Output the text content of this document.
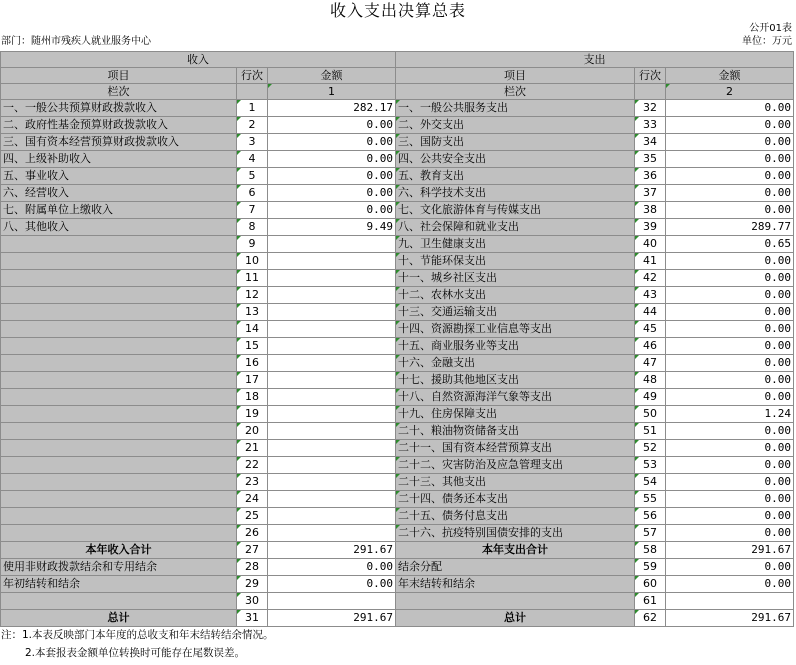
收入支出决算总表
公开01表
部门：随州市残疾人就业服务中心	单位：万元
收入			支出		
项目	行次	金额	项目	行次	金额
栏次		1	栏次		2
一、一般公共预算财政拨款收入	1	282.17	一、一般公共服务支出	32	0.00
二、政府性基金预算财政拨款收入	2	0.00	二、外交支出	33	0.00
三、国有资本经营预算财政拨款收入	3	0.00	三、国防支出	34	0.00
四、上级补助收入	4	0.00	四、公共安全支出	35	0.00
五、事业收入	5	0.00	五、教育支出	36	0.00
六、经营收入	6	0.00	六、科学技术支出	37	0.00
七、附属单位上缴收入	7	0.00	七、文化旅游体育与传媒支出	38	0.00
八、其他收入	8	9.49	八、社会保障和就业支出	39	289.77
	9		九、卫生健康支出	40	0.65
	10		十、节能环保支出	41	0.00
	11		十一、城乡社区支出	42	0.00
	12		十二、农林水支出	43	0.00
	13		十三、交通运输支出	44	0.00
	14		十四、资源勘探工业信息等支出	45	0.00
	15		十五、商业服务业等支出	46	0.00
	16		十六、金融支出	47	0.00
	17		十七、援助其他地区支出	48	0.00
	18		十八、自然资源海洋气象等支出	49	0.00
	19		十九、住房保障支出	50	1.24
	20		二十、粮油物资储备支出	51	0.00
	21		二十一、国有资本经营预算支出	52	0.00
	22		二十二、灾害防治及应急管理支出	53	0.00
	23		二十三、其他支出	54	0.00
	24		二十四、债务还本支出	55	0.00
	25		二十五、债务付息支出	56	0.00
	26		二十六、抗疫特别国债安排的支出	57	0.00
本年收入合计	27	291.67	本年支出合计	58	291.67
使用非财政拨款结余和专用结余	28	0.00	结余分配	59	0.00
年初结转和结余	29	0.00	年末结转和结余	60	0.00
	30			61	
总计	31	291.67	总计	62	291.67
注：1.本表反映部门本年度的总收支和年末结转结余情况。
2.本套报表金额单位转换时可能存在尾数误差。
